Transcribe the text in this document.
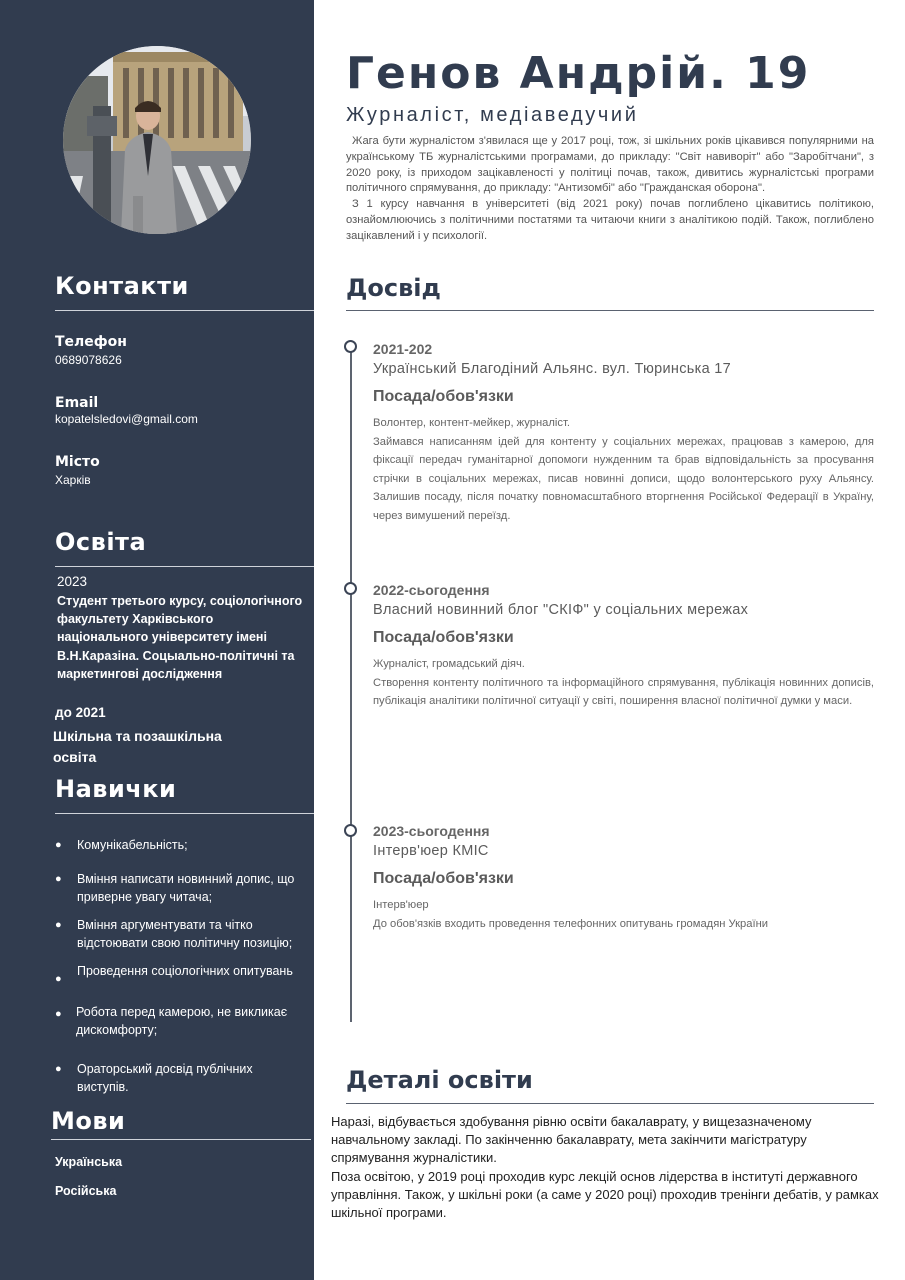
Контакти
Телефон
0689078626
Email
kopatelsledovi@gmail.com
Місто
Харків
Освіта
2023
Студент третього курсу, соціологічного факультету Харківського національного університету імені В.Н.Каразіна. Соцыально-політичні та маркетингові дослідження
до 2021
Шкільна та позашкільна освіта
Навички
● Комунікабельність;
● Вміння написати новинний допис, що приверне увагу читача;
● Вміння аргументувати та чітко відстоювати свою політичну позицію;
●
Проведення соціологічних опитувань
● Робота перед камерою, не викликає дискомфорту;
● Ораторський досвід публічних виступів.
Мови
Українська
Російська
Генов Андрій. 19
Журналіст, медіаведучий

Жага бути журналістом з'явилася ще у 2017 році, тож, зі шкільних років цікавився популярними на українському ТБ журналістськими програмами, до прикладу: "Світ навиворіт" або "Заробітчани", з 2020 року, із приходом зацікавленості у політиці почав, також, дивитись журналістські програми політичного спрямування, до прикладу: "Антизомбі" або "Гражданская оборона".

З 1 курсу навчання в університеті (від 2021 року) почав поглиблено цікавитись політикою, ознайомлюючись з політичними постатями та читаючи книги з аналітикою подій. Також, поглиблено зацікавлений і у психології.

Досвід
2021-202
Український Благодіний Альянс. вул. Тюринська 17
Посада/обов'язки
Волонтер, контент-мейкер, журналіст.
Займався написанням ідей для контенту у соціальних мережах, працював з камерою, для фіксації передач гуманітарної допомоги нужденним та брав відповідальність за просування стрічки в соціальних мережах, писав новинні дописи, щодо волонтерського руху Альянсу. Залишив посаду, після початку повномасштабного вторгнення Російської Федерації в Україну, через вимушений переїзд.
2022-сьогодення
Власний новинний блог "СКІФ" у соціальних мережах
Посада/обов'язки
Журналіст, громадський діяч.
Створення контенту політичного та інформаційного спрямування, публікація новинних дописів, публікація аналітики політичної ситуації у світі, поширення власної політичної думки у маси.
2023-сьогодення
Інтерв'юер КМІС
Посада/обов'язки
Інтерв'юер
До обов'язків входить проведення телефонних опитувань громадян України
Деталі освіти

Наразі, відбувається здобування рівню освіти бакалаврату, у вищезазначеному навчальному закладі. По закінченню бакалаврату, мета закінчити магістратуру спрямування журналістики.

Поза освітою, у 2019 році проходив курс лекцій основ лідерства в інституті державного управління. Також, у шкільні роки (а саме у 2020 році) проходив тренінги дебатів, у рамках шкільної програми.
